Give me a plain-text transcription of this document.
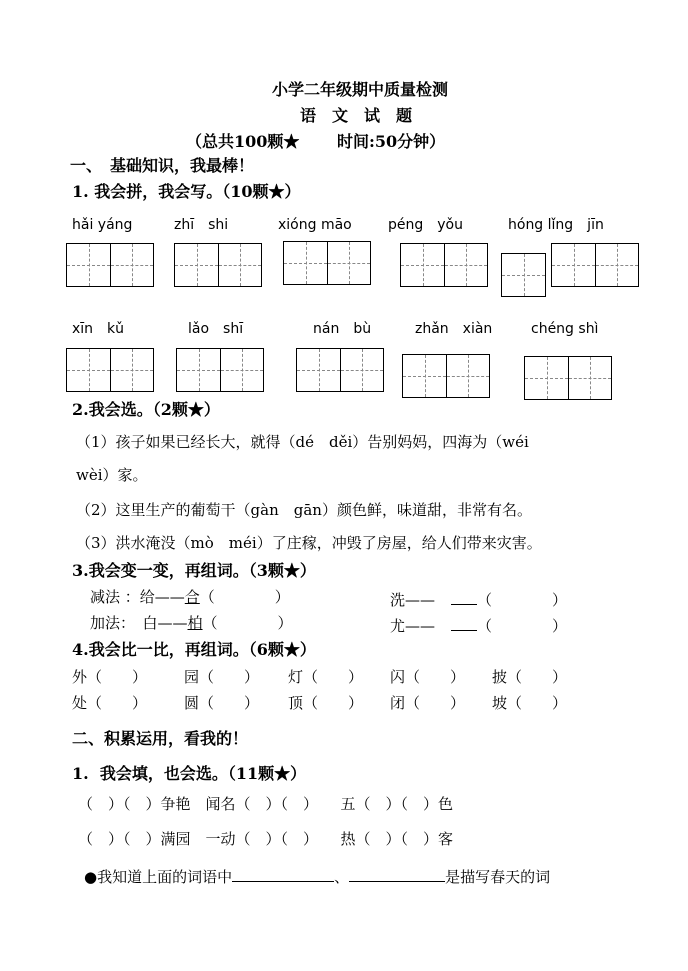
小学二年级期中质量检测
语　文　试　题
（总共100颗★　　 时间:50分钟）
一、　基础知识，我最棒！
1. 我会拼，我会写。（10颗★）
hǎi yáng	zhī　shi	xióng māo	péng　yǒu	hóng lǐng　jīn
xīn　kǔ	lǎo　shī	nán　bù	zhǎn　xiàn	chéng shì
2.我会选。（2颗★）
（1）孩子如果已经长大，就得（dé　děi）告别妈妈，四海为（wéi
wèi）家。
（2）这里生产的葡萄干（gàn　gān）颜色鲜，味道甜，非常有名。
（3）洪水淹没（mò　méi）了庄稼，冲毁了房屋，给人们带来灾害。
3.我会变一变，再组词。（3颗★）
减法 ：给——合（　　　　）	洗——	（　　　　）
加法：　白——柏（　　　　）	尤——	（　　　　）
4.我会比一比，再组词。（6颗★）
外（　　） 园（　　） 灯（　　） 闪（　　） 披（　　）
处（　　） 圆（　　） 顶（　　） 闭（　　） 坡（　　）
二、积累运用，看我的！
1.  我会填，也会选。（11颗★）
（　）（　）争艳　闻名（　）（　）　　五（　）（　）色
（　）（　）满园　一动（　）（　）　　热（　）（　）客
●我知道上面的词语中	、	是描写春天的词
